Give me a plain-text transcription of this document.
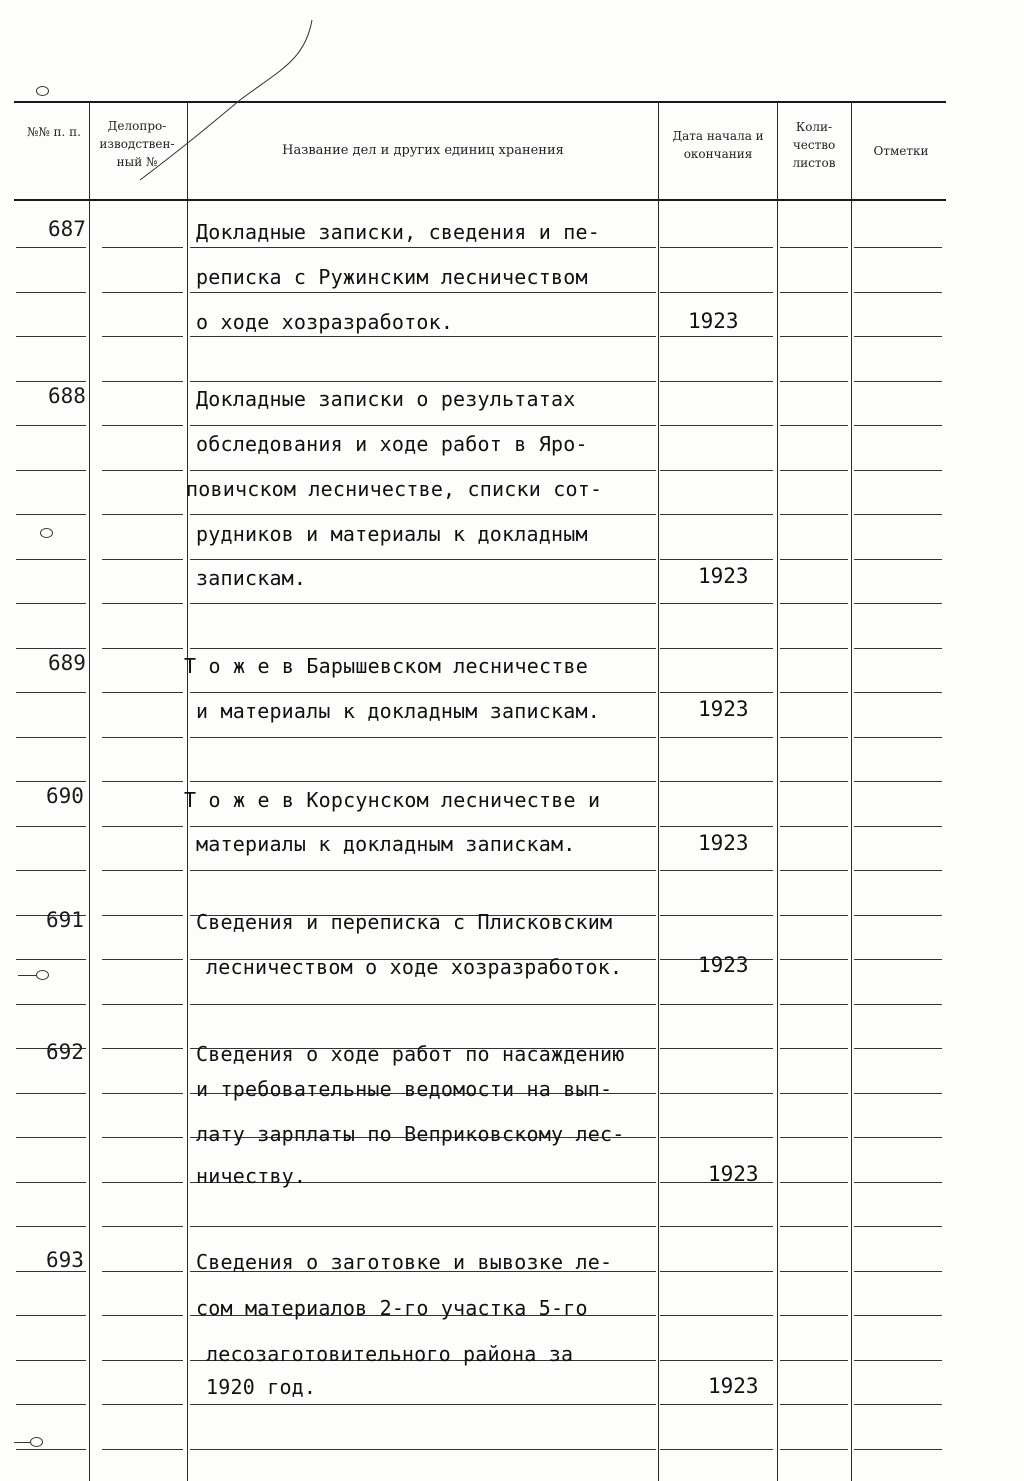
№№ п. п.	Делопро- изводствен- ный №
Название дел и других единиц хранения
Дата начала и окончания
Коли- чество листов
Отметки
687	Докладные записки, сведения и пе-
реписка с Ружинским лесничеством
о ходе хозразработок.	1923
688	Докладные записки о результатах
обследования и ходе работ в Яро-
повичском лесничестве, списки сот-
рудников и материалы к докладным
запискам.	1923
689	Т о ж е в Барышевском лесничестве
и материалы к докладным запискам.	1923
690	Т о ж е в Корсунском лесничестве и
материалы к докладным запискам.	1923
691	Сведения и переписка с Плисковским
лесничеством о ходе хозразработок.	1923
692	Сведения о ходе работ по насаждению
и требовательные ведомости на вып-
лату зарплаты по Веприковскому лес-
ничеству.	1923
693	Сведения о заготовке и вывозке ле-
сом материалов 2-го участка 5-го
лесозаготовительного района за
1920 год.	1923
